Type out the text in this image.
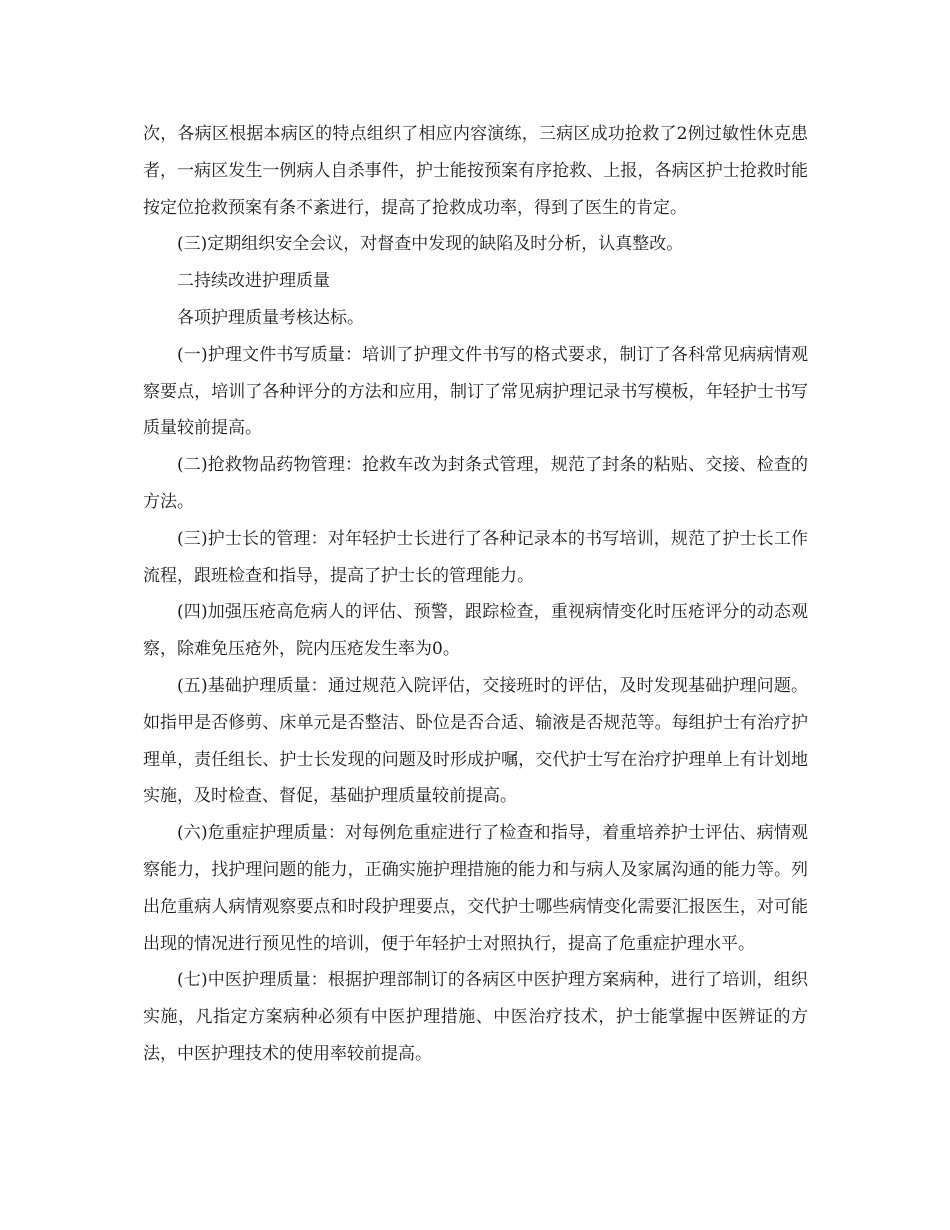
次，各病区根据本病区的特点组织了相应内容演练，三病区成功抢救了2例过敏性休克患者，一病区发生一例病人自杀事件，护士能按预案有序抢救、上报，各病区护士抢救时能按定位抢救预案有条不紊进行，提高了抢救成功率，得到了医生的肯定。

(三)定期组织安全会议，对督查中发现的缺陷及时分析，认真整改。

二持续改进护理质量

各项护理质量考核达标。

(一)护理文件书写质量：培训了护理文件书写的格式要求，制订了各科常见病病情观察要点，培训了各种评分的方法和应用，制订了常见病护理记录书写模板，年轻护士书写质量较前提高。

(二)抢救物品药物管理：抢救车改为封条式管理，规范了封条的粘贴、交接、检查的方法。

(三)护士长的管理：对年轻护士长进行了各种记录本的书写培训，规范了护士长工作流程，跟班检查和指导，提高了护士长的管理能力。

(四)加强压疮高危病人的评估、预警，跟踪检查，重视病情变化时压疮评分的动态观察，除难免压疮外，院内压疮发生率为0。

(五)基础护理质量：通过规范入院评估，交接班时的评估，及时发现基础护理问题。如指甲是否修剪、床单元是否整洁、卧位是否合适、输液是否规范等。每组护士有治疗护理单，责任组长、护士长发现的问题及时形成护嘱，交代护士写在治疗护理单上有计划地实施，及时检查、督促，基础护理质量较前提高。

(六)危重症护理质量：对每例危重症进行了检查和指导，着重培养护士评估、病情观察能力，找护理问题的能力，正确实施护理措施的能力和与病人及家属沟通的能力等。列出危重病人病情观察要点和时段护理要点，交代护士哪些病情变化需要汇报医生，对可能出现的情况进行预见性的培训，便于年轻护士对照执行，提高了危重症护理水平。

(七)中医护理质量：根据护理部制订的各病区中医护理方案病种，进行了培训，组织实施，凡指定方案病种必须有中医护理措施、中医治疗技术，护士能掌握中医辨证的方法，中医护理技术的使用率较前提高。
